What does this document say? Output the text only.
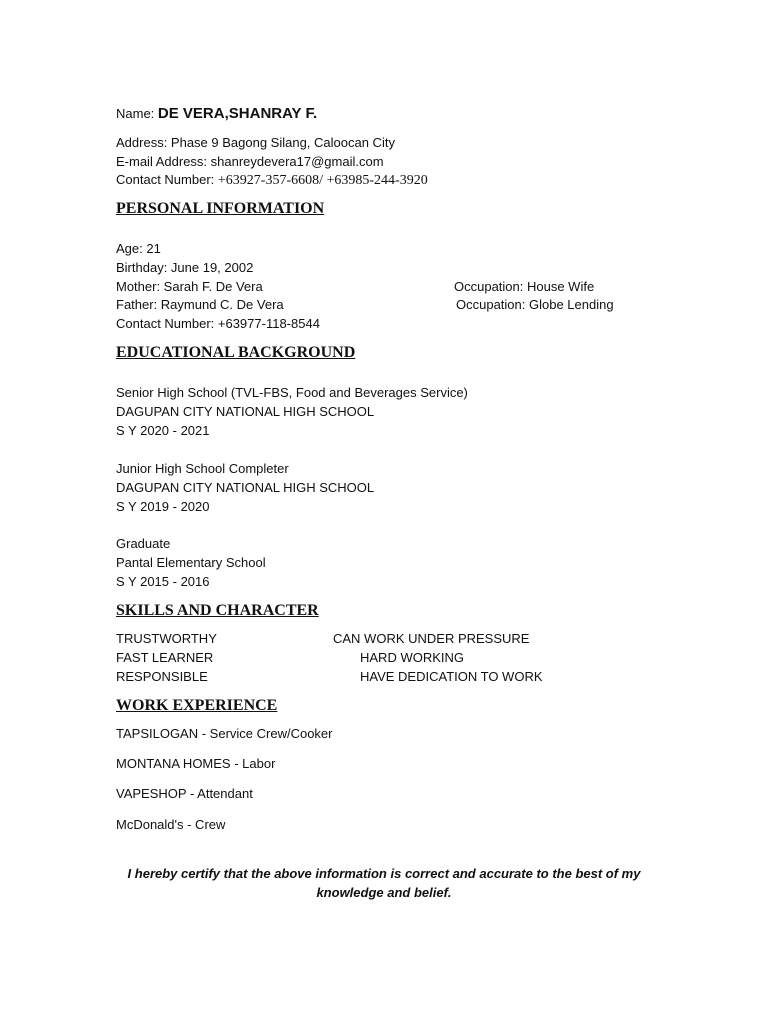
Name: DE VERA,SHANRAY F.
Address: Phase 9 Bagong Silang, Caloocan City
E-mail Address: shanreydevera17@gmail.com
Contact Number: +63927-357-6608/ +63985-244-3920
PERSONAL INFORMATION
Age: 21
Birthday: June 19, 2002
Mother: Sarah F. De Vera	Occupation: House Wife
Father: Raymund C. De Vera	Occupation: Globe Lending
Contact Number: +63977-118-8544
EDUCATIONAL BACKGROUND
Senior High School (TVL-FBS, Food and Beverages Service)
DAGUPAN CITY NATIONAL HIGH SCHOOL
S Y 2020 - 2021
Junior High School Completer
DAGUPAN CITY NATIONAL HIGH SCHOOL
S Y 2019 - 2020
Graduate
Pantal Elementary School
S Y 2015 - 2016
SKILLS AND CHARACTER
TRUSTWORTHY	CAN WORK UNDER PRESSURE
FAST LEARNER	HARD WORKING
RESPONSIBLE	HAVE DEDICATION TO WORK
WORK EXPERIENCE
TAPSILOGAN - Service Crew/Cooker
MONTANA HOMES - Labor
VAPESHOP - Attendant
McDonald's - Crew
I hereby certify that the above information is correct and accurate to the best of my knowledge and belief.
